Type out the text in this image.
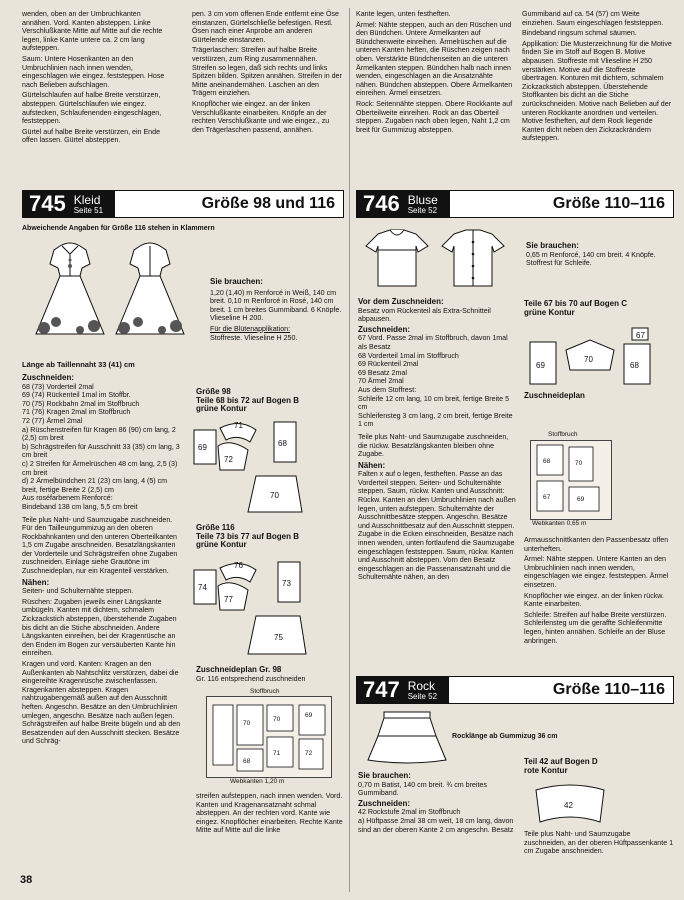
wenden, oben an der Umbruchkanten annähen. Vord. Kanten absteppen. Linke Verschlußkante Mitte auf Mitte auf die rechte legen, linke Kante untere ca. 2 cm lang aufsteppen.

Saum: Untere Hosenkanten an den Umbruchlinien nach innen wenden, eingeschlagen wie eingez. feststeppen. Hose nach Belieben aufschlagen.

Gürtelschlaufen auf halbe Breite verstürzen, absteppen. Gürtelschlaufen wie eingez. aufstecken, Schlaufenenden eingeschlagen, feststeppen.

Gürtel auf halbe Breite verstürzen, ein Ende offen lassen. Gürtel absteppen.

pen. 3 cm vom offenen Ende entfernt eine Öse einstanzen, Gürtelschließe befestigen. Restl. Ösen nach einer Anprobe am anderen Gürtelende einstanzen.

Trägerlaschen: Streifen auf halbe Breite verstürzen, zum Ring zusammennähen. Streifen so legen, daß sich rechts und links Spitzen bilden. Spitzen annähen. Streifen in der Mitte aneinandernähen. Laschen an den Trägern einziehen.

Knopflöcher wie eingez. an der linken Verschlußkante einarbeiten. Knöpfe an der rechten Verschlußkante und wie eingez., zu den Trägerlaschen passend, annähen.

Kante legen, unten festheften.

Ärmel: Nähte steppen, auch an den Rüschen und den Bündchen. Untere Ärmelkanten auf Bündchenweite einreihen. Ärmelrüschen auf die unteren Kanten heften, die Rüschen zeigen nach oben. Verstärkte Bündchenseiten an die unteren Ärmelkanten steppen. Bündchen halb nach innen wenden, eingeschlagen an die Ansatznähte nähen. Bündchen absteppen. Obere Ärmelkanten einreihen. Ärmel einsetzen.

Rock: Seitennähte steppen. Obere Rockkante auf Oberteilweite einreihen. Rock an das Oberteil steppen. Zugaben nach oben legen, Naht 1,2 cm breit für Gummizug absteppen.

Gummiband auf ca. 54 (57) cm Weite einziehen. Saum eingeschlagen feststeppen.

Bindeband ringsum schmal säumen.

Applikation: Die Musterzeichnung für die Motive finden Sie im Stoff auf Bogen B. Motive abpausen. Stoffreste mit Vlieseline H 250 verstärken. Motive auf die Stoffreste übertragen. Konturen mit dichtem, schmalem Zickzackstich absteppen. Überstehende Stoffkanten bis dicht an die Stiche zurückschneiden. Motive nach Belieben auf der unteren Rockkante anordnen und verteilen. Motive festheften, auf dem Rock liegende Kanten dicht neben den Zickzackrändern aufsteppen.

745 Kleid
Seite 51	Größe 98 und 116
Abweichende Angaben für Größe 116 stehen in Klammern

Sie brauchen:

1,20 (1,40) m Renforcé in Weiß, 140 cm breit. 0,10 m Renforcé in Rosé, 140 cm breit. 1 cm breites Gummiband. 6 Knöpfe. Vlieseline H 200.

Für die Blütenapplikation:

Stoffreste. Vlieseline H 250.

Länge ab Taillennaht 33 (41) cm

Zuschneiden:

68 (73) Vorderteil 2mal

69 (74) Rückenteil 1mal im Stoffbr.

70 (75) Rockbahn 2mal im Stoffbruch

71 (76) Kragen 2mal im Stoffbruch

72 (77) Ärmel 2mal

a) Rüschenstreifen für Kragen 86 (90) cm lang, 2 (2,5) cm breit

b) Schrägstreifen für Ausschnitt 33 (35) cm lang, 3 cm breit

c) 2 Streifen für Ärmelrüschen 48 cm lang, 2,5 (3) cm breit

d) 2 Ärmelbündchen 21 (23) cm lang, 4 (5) cm breit, fertige Breite 2 (2,5) cm

Aus roséfarbenem Renforcé:

Bindeband 138 cm lang, 5,5 cm breit

Teile plus Naht- und Saumzugabe zuschneiden. Für den Tailleungummizug an den oberen Rockbahnkanten und den unteren Oberteilkanten 1,5 cm Zugabe anschneiden. Besatzlängskanten der Vorderteile und Schrägstreifen ohne Zugaben zuschneiden. Einlage siehe Grautöne im Zuschneideplan, nur ein Kragenteil verstärken.

Nähen:

Seiten- und Schulternähte steppen.

Rüschen: Zugaben jeweils einer Längskante umbügeln. Kanten mit dichtem, schmalem Zickzackstich absteppen, überstehende Zugaben bis dicht an die Stiche abschneiden. Andere Längskanten einreihen, bei der Kragenrüsche an den Enden im Bogen zur versäuberten Kante hin einreihen.

Kragen und vord. Kanten: Kragen an den Außenkanten ab Nahtschlitz verstürzen, dabei die eingereihte Kragenrüsche zwischenfassen. Kragenkanten absteppen. Kragen nahtzugabengemäß außen auf den Ausschnitt heften. Angeschn. Besätze an den Umbruchlinien umlegen, angeschn. Besätze nach außen legen. Schrägstreifen auf halbe Breite bügeln und ab den Besatzenden auf den Ausschnitt stecken. Besätze und Schräg-

Größe 98

Teile 68 bis 72 auf Bogen B

grüne Kontur

69
71
72
68
70

Größe 116

Teile 73 bis 77 auf Bogen B

grüne Kontur

74
76
77
73
75

Zuschneideplan Gr. 98

Gr. 116 entsprechend zuschneiden

70
70
69
68
71	72
Stoffbruch
Webkanten 1,20 m

streifen aufsteppen, nach innen wenden. Vord. Kanten und Kragenansatznaht schmal absteppen. An der rechten vord. Kante wie eingez. Knopflöcher einarbeiten. Rechte Kante Mitte auf Mitte auf die linke

746 Bluse
Seite 52	Größe 110–116

Sie brauchen:

0,65 m Renforcé, 140 cm breit. 4 Knöpfe. Stoffrest für Schleife.

Vor dem Zuschneiden:

Besatz vom Rückenteil als Extra-Schnitteil abpausen.

Zuschneiden:

67 Vord. Passe 2mal im Stoffbruch, davon 1mal als Besatz

68 Vorderteil 1mal im Stoffbruch

69 Rückenteil 2mal

69 Besatz 2mal

70 Ärmel 2mal

Aus dem Stoffrest:

Schleife 12 cm lang, 10 cm breit, fertige Breite 5 cm

Schleifensteg 3 cm lang, 2 cm breit, fertige Breite 1 cm

Teile plus Naht- und Saumzugabe zuschneiden, die rückw. Besatzlängskanten bleiben ohne Zugabe.

Nähen:

Falten x auf o legen, festheften. Passe an das Vorderteil steppen. Seiten- und Schulternähte steppen. Saum, rückw. Kanten und Ausschnitt: Rückw. Kanten an den Umbruchlinien nach außen legen, unten aufsteppen. Schulternähte der Ausschnittbesätze steppen. Angeschn. Besätze und Ausschnittbesatz auf den Ausschnitt steppen. Zugabe in die Ecken einschneiden, Besätze nach innen wenden, unten fortlaufend die Saumzugabe eingeschlagen feststeppen. Saum, rückw. Kanten und Ausschnitt absteppen. Vorn den Besatz eingeschlagen an die Passenansatznaht und die Schulternähte nähen, an den

Teile 67 bis 70 auf Bogen C

grüne Kontur

69
70
68
67

Zuschneideplan

68	70
67	69
Stoffbruch
Webkanten 0,65 m

Armausschnittkanten den Passenbesatz offen unterheften.

Ärmel: Nähte steppen. Untere Kanten an den Umbruchlinien nach innen wenden, eingeschlagen wie eingez. feststeppen. Ärmel einsetzen.

Knopflöcher wie eingez. an der linken rückw. Kante einarbeiten.

Schleife: Streifen auf halbe Breite verstürzen. Schleifensteg um die geraffte Schleifenmitte legen, hinten annähen. Schleife an der Bluse anbringen.

747 Rock
Seite 52	Größe 110–116
Rocklänge ab Gummizug 36 cm

Sie brauchen:

0,70 m Batist, 140 cm breit. ¾ cm breites Gummiband.

Zuschneiden:

42 Rockstufe 2mal im Stoffbruch

a) Hüftpasse 2mal 38 cm weit, 18 cm lang, davon sind an der oberen Kante 2 cm angeschn. Besatz

Teil 42 auf Bogen D

rote Kontur

42

Teile plus Naht- und Saumzugabe zuschneiden, an der oberen Hüftpassenkante 1 cm Zugabe anschneiden.

38
